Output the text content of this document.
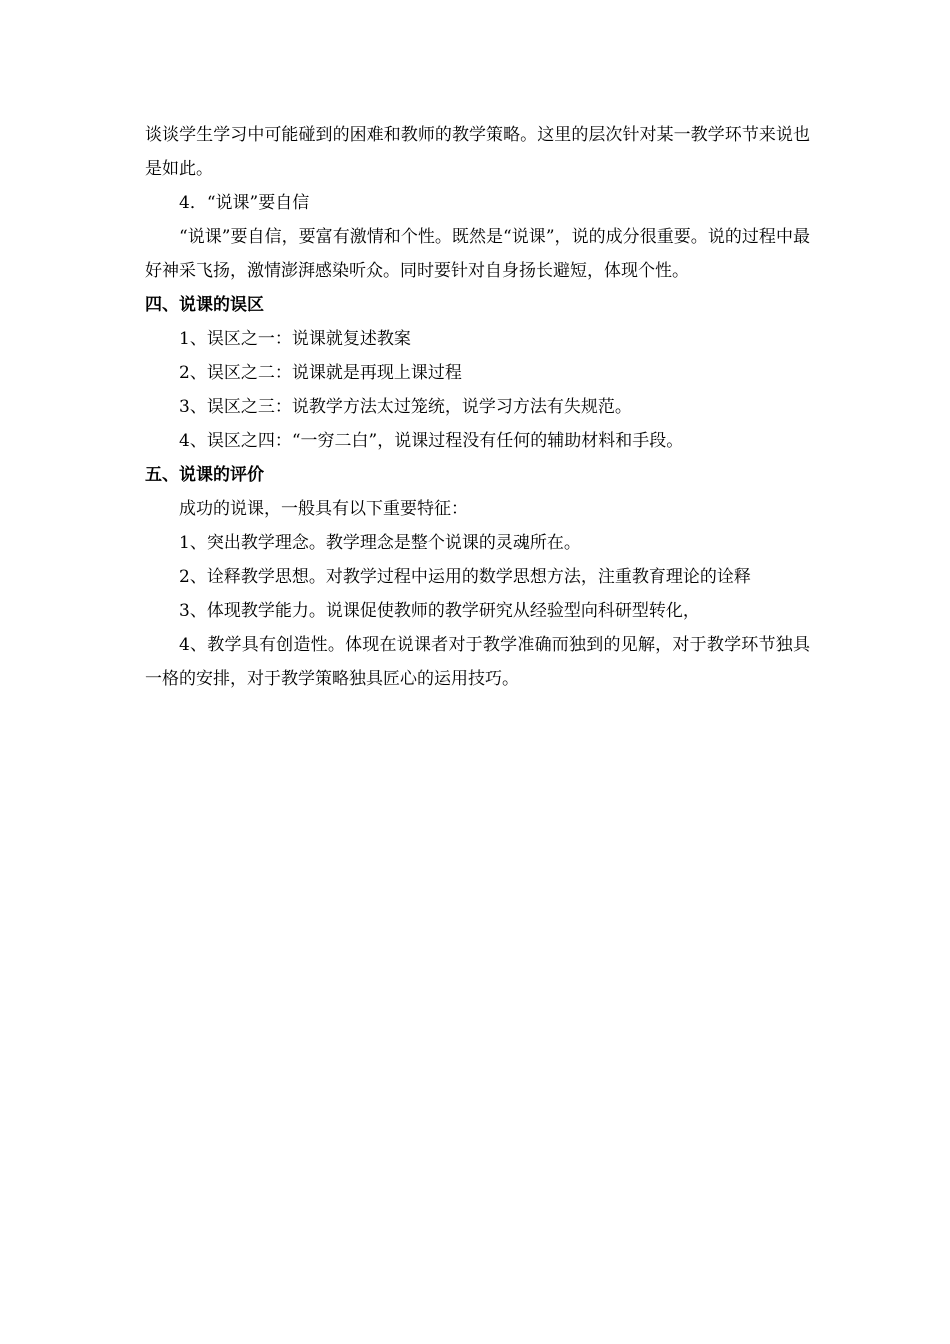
谈谈学生学习中可能碰到的困难和教师的教学策略。这里的层次针对某一教学环节来说也是如此。

4．“说课”要自信

“说课”要自信，要富有激情和个性。既然是“说课”，说的成分很重要。说的过程中最好神采飞扬，激情澎湃感染听众。同时要针对自身扬长避短，体现个性。

四、说课的误区

1、误区之一：说课就复述教案

2、误区之二：说课就是再现上课过程

3、误区之三：说教学方法太过笼统，说学习方法有失规范。

4、误区之四：“一穷二白”，说课过程没有任何的辅助材料和手段。

五、说课的评价

成功的说课，一般具有以下重要特征：

1、突出教学理念。教学理念是整个说课的灵魂所在。

2、诠释教学思想。对教学过程中运用的数学思想方法，注重教育理论的诠释

3、体现教学能力。说课促使教师的教学研究从经验型向科研型转化，

4、教学具有创造性。体现在说课者对于教学准确而独到的见解，对于教学环节独具一格的安排，对于教学策略独具匠心的运用技巧。
